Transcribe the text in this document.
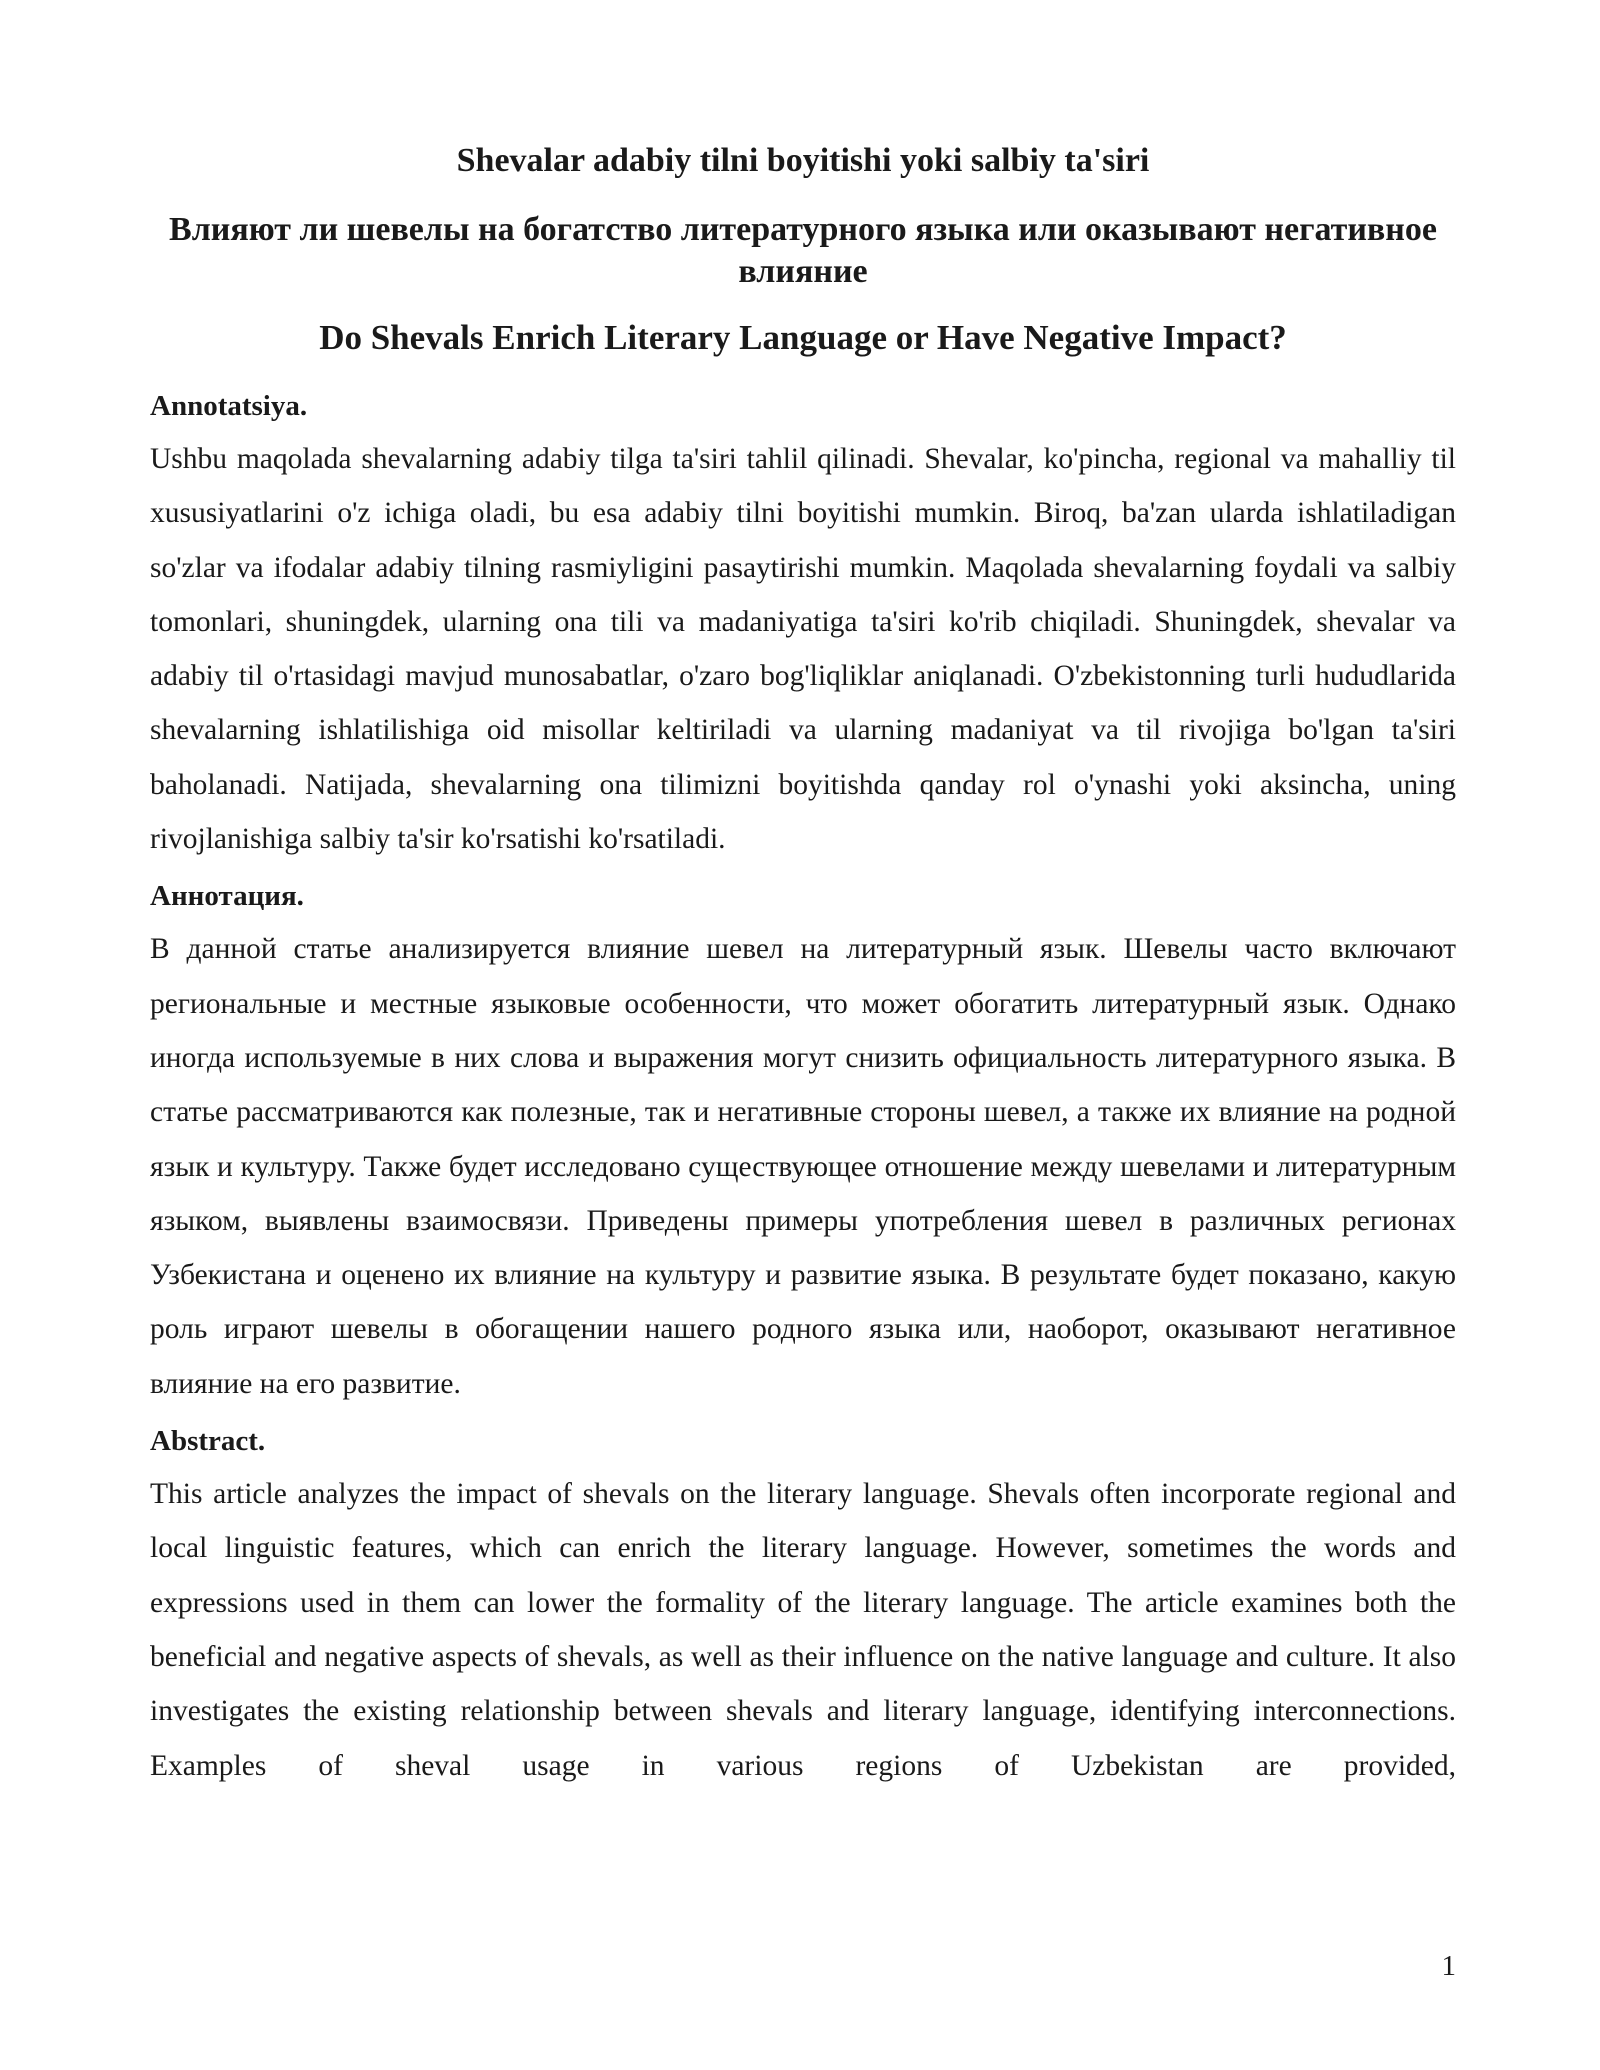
Shevalar adabiy tilni boyitishi yoki salbiy ta'siri
Влияют ли шевелы на богатство литературного языка или оказывают негативное влияние
Do Shevals Enrich Literary Language or Have Negative Impact?

Annotatsiya.

Ushbu maqolada shevalarning adabiy tilga ta'siri tahlil qilinadi. Shevalar, ko'pincha, regional va mahalliy til xususiyatlarini o'z ichiga oladi, bu esa adabiy tilni boyitishi mumkin. Biroq, ba'zan ularda ishlatiladigan so'zlar va ifodalar adabiy tilning rasmiyligini pasaytirishi mumkin. Maqolada shevalarning foydali va salbiy tomonlari, shuningdek, ularning ona tili va madaniyatiga ta'siri ko'rib chiqiladi. Shuningdek, shevalar va adabiy til o'rtasidagi mavjud munosabatlar, o'zaro bog'liqliklar aniqlanadi. O'zbekistonning turli hududlarida shevalarning ishlatilishiga oid misollar keltiriladi va ularning madaniyat va til rivojiga bo'lgan ta'siri baholanadi. Natijada, shevalarning ona tilimizni boyitishda qanday rol o'ynashi yoki aksincha, uning rivojlanishiga salbiy ta'sir ko'rsatishi ko'rsatiladi.

Аннотация.

В данной статье анализируется влияние шевел на литературный язык. Шевелы часто включают региональные и местные языковые особенности, что может обогатить литературный язык. Однако иногда используемые в них слова и выражения могут снизить официальность литературного языка. В статье рассматриваются как полезные, так и негативные стороны шевел, а также их влияние на родной язык и культуру. Также будет исследовано существующее отношение между шевелами и литературным языком, выявлены взаимосвязи. Приведены примеры употребления шевел в различных регионах Узбекистана и оценено их влияние на культуру и развитие языка. В результате будет показано, какую роль играют шевелы в обогащении нашего родного языка или, наоборот, оказывают негативное влияние на его развитие.

Abstract.

This article analyzes the impact of shevals on the literary language. Shevals often incorporate regional and local linguistic features, which can enrich the literary language. However, sometimes the words and expressions used in them can lower the formality of the literary language. The article examines both the beneficial and negative aspects of shevals, as well as their influence on the native language and culture. It also investigates the existing relationship between shevals and literary language, identifying interconnections. Examples of sheval usage in various regions of Uzbekistan are provided,

1
